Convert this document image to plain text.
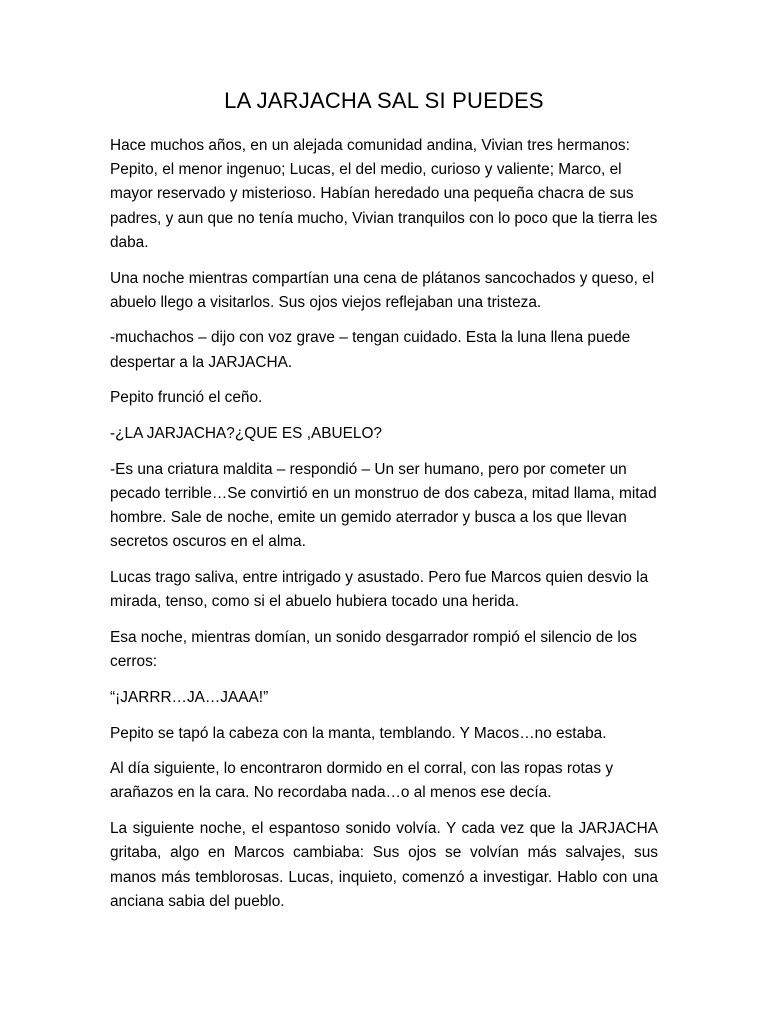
LA JARJACHA SAL SI PUEDES

Hace muchos años, en un alejada comunidad andina, Vivian tres hermanos: Pepito, el menor ingenuo; Lucas, el del medio, curioso y valiente; Marco, el mayor reservado y misterioso. Habían heredado una pequeña chacra de sus padres, y aun que no tenía mucho, Vivian tranquilos con lo poco que la tierra les daba.

Una noche mientras compartían una cena de plátanos sancochados y queso, el abuelo llego a visitarlos. Sus ojos viejos reflejaban una tristeza.

-muchachos – dijo con voz grave – tengan cuidado. Esta la luna llena puede despertar a la JARJACHA.

Pepito frunció el ceño.

-¿LA JARJACHA?¿QUE ES ,ABUELO?

-Es una criatura maldita – respondió – Un ser humano, pero por cometer un pecado terrible…Se convirtió en un monstruo de dos cabeza, mitad llama, mitad hombre. Sale de noche, emite un gemido aterrador y busca a los que llevan secretos oscuros en el alma.

Lucas trago saliva, entre intrigado y asustado. Pero fue Marcos quien desvio la mirada, tenso, como si el abuelo hubiera tocado una herida.

Esa noche, mientras domían, un sonido desgarrador rompió el silencio de los cerros:

“¡JARRR…JA…JAAA!”

Pepito se tapó la cabeza con la manta, temblando. Y Macos…no estaba.

Al día siguiente, lo encontraron dormido en el corral, con las ropas rotas y arañazos en la cara. No recordaba nada…o al menos ese decía.

La siguiente noche, el espantoso sonido volvía. Y cada vez que la JARJACHA gritaba, algo en Marcos cambiaba: Sus ojos se volvían más salvajes, sus manos más temblorosas. Lucas, inquieto, comenzó a investigar. Hablo con una anciana sabia del pueblo.
